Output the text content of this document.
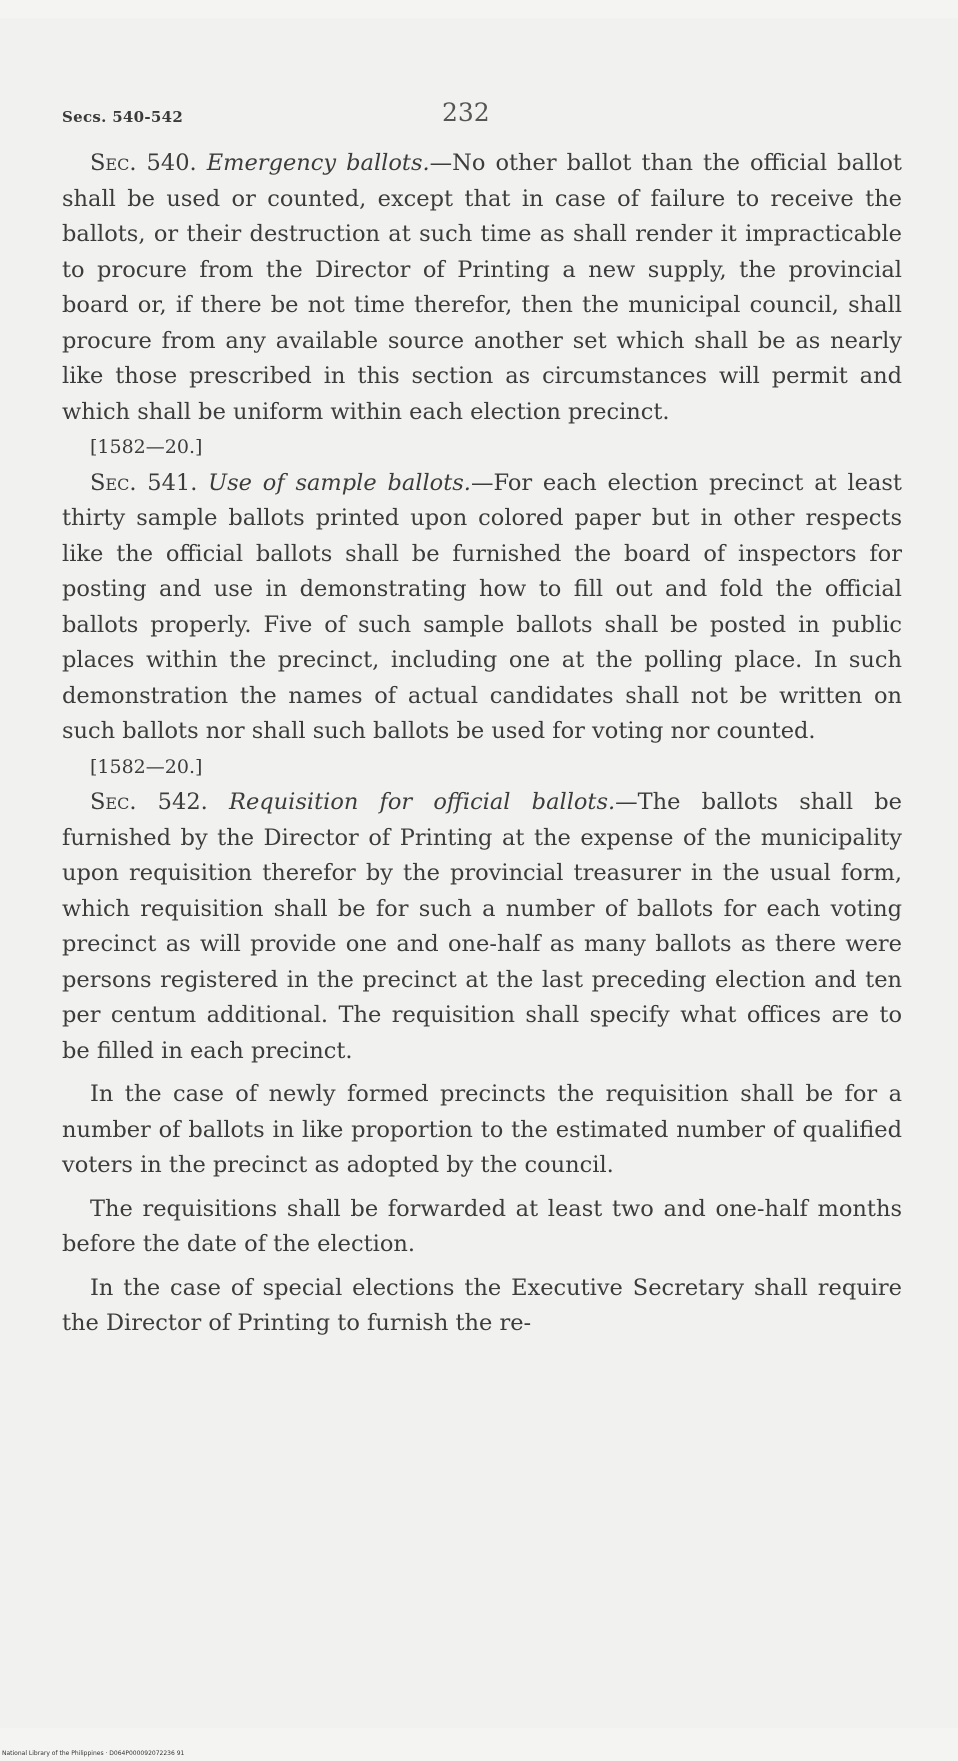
Secs. 540-542	232

Sec. 540. Emergency ballots.—No other ballot than the official ballot shall be used or counted, except that in case of failure to receive the ballots, or their destruction at such time as shall render it impracticable to procure from the Director of Printing a new supply, the provincial board or, if there be not time therefor, then the municipal council, shall procure from any available source another set which shall be as nearly like those prescribed in this section as circumstances will permit and which shall be uniform within each election precinct.

[1582—20.]

Sec. 541. Use of sample ballots.—For each election precinct at least thirty sample ballots printed upon colored paper but in other respects like the official ballots shall be furnished the board of inspectors for posting and use in demonstrating how to fill out and fold the official ballots properly. Five of such sample ballots shall be posted in public places within the precinct, including one at the polling place. In such demonstration the names of actual candidates shall not be written on such ballots nor shall such ballots be used for voting nor counted.

[1582—20.]

Sec. 542. Requisition for official ballots.—The ballots shall be furnished by the Director of Printing at the expense of the municipality upon requisition therefor by the provincial treasurer in the usual form, which requisition shall be for such a number of ballots for each voting precinct as will provide one and one-half as many ballots as there were persons registered in the precinct at the last preceding election and ten per centum additional. The requisition shall specify what offices are to be filled in each precinct.

In the case of newly formed precincts the requisition shall be for a number of ballots in like proportion to the estimated number of qualified voters in the precinct as adopted by the council.

The requisitions shall be forwarded at least two and one-half months before the date of the election.

In the case of special elections the Executive Secretary shall require the Director of Printing to furnish the re-

National Library of the Philippines · D064P000092072236 91
